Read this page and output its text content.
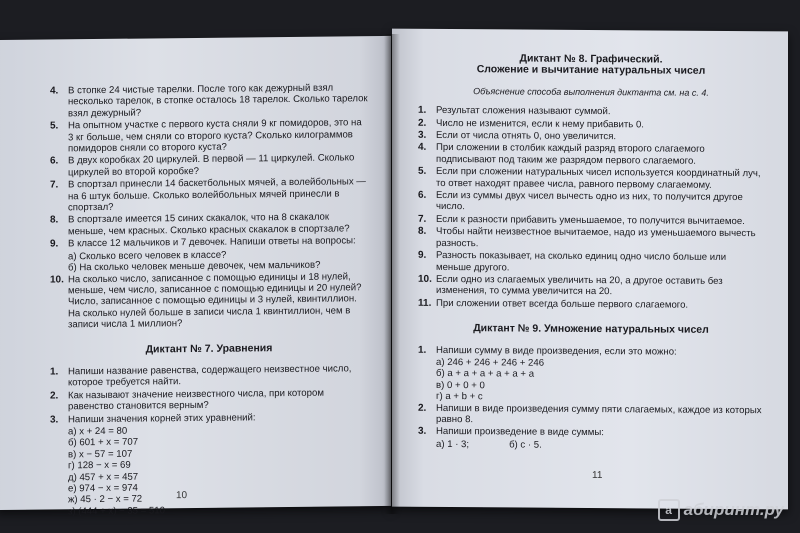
4.	В стопке 24 чистые тарелки. После того как дежурный взял несколько тарелок, в стопке осталось 18 тарелок. Сколько тарелок взял дежурный?
5.	На опытном участке с первого куста сняли 9 кг помидоров, это на 3 кг больше, чем сняли со второго куста? Сколько килограммов помидоров сняли со второго куста?
6.	В двух коробках 20 циркулей. В первой — 11 циркулей. Сколько циркулей во второй коробке?
7.	В спортзал принесли 14 баскетбольных мячей, а волейбольных — на 6 штук больше. Сколько волейбольных мячей принесли в спортзал?
8.	В спортзале имеется 15 синих скакалок, что на 8 скакалок меньше, чем красных. Сколько красных скакалок в спортзале?
9.	В классе 12 мальчиков и 7 девочек. Напиши ответы на вопросы:
а) Сколько всего человек в классе?
б) На сколько человек меньше девочек, чем мальчиков?
10. На сколько число, записанное с помощью единицы и 18 нулей, меньше, чем число, записанное с помощью единицы и 20 нулей? Число, записанное с помощью единицы и 3 нулей, квинтиллион. На сколько нулей больше в записи числа 1 квинтиллион, чем в записи числа 1 миллион?
Диктант № 7. Уравнения
1.	Напиши название равенства, содержащего неизвестное число, которое требуется найти.
2.	Как называют значение неизвестного числа, при котором равенство становится верным?
3.	Напиши значения корней этих уравнений:
а) x + 24 = 80
б) 601 + x = 707
в) x − 57 = 107
г) 128 − x = 69
д) 457 + x = 457
е) 974 − x = 974
ж) 45 · 2 − x = 72
з) (444 + x) − 35 = 510
10
Диктант № 8. Графический.
Сложение и вычитание натуральных чисел
Объяснение способа выполнения диктанта см. на с. 4.
1.	Результат сложения называют суммой.
2.	Число не изменится, если к нему прибавить 0.
3.	Если от числа отнять 0, оно увеличится.
4.	При сложении в столбик каждый разряд второго слагаемого подписывают под таким же разрядом первого слагаемого.
5.	Если при сложении натуральных чисел используется координатный луч, то ответ находят правее числа, равного первому слагаемому.
6.	Если из суммы двух чисел вычесть одно из них, то получится другое число.
7.	Если к разности прибавить уменьшаемое, то получится вычитаемое.
8.	Чтобы найти неизвестное вычитаемое, надо из уменьшаемого вычесть разность.
9.	Разность показывает, на сколько единиц одно число больше или меньше другого.
10. Если одно из слагаемых увеличить на 20, а другое оставить без изменения, то сумма увеличится на 20.
11. При сложении ответ всегда больше первого слагаемого.
Диктант № 9. Умножение натуральных чисел
1.	Напиши сумму в виде произведения, если это можно:
а) 246 + 246 + 246 + 246
б) a + a + a + a + a + a
в) 0 + 0 + 0
г) a + b + c
2.	Напиши в виде произведения сумму пяти слагаемых, каждое из которых равно 8.
3.	Напиши произведение в виде суммы:
а) 1 · 3;	б) c · 5.
11
a абиринт.ру
